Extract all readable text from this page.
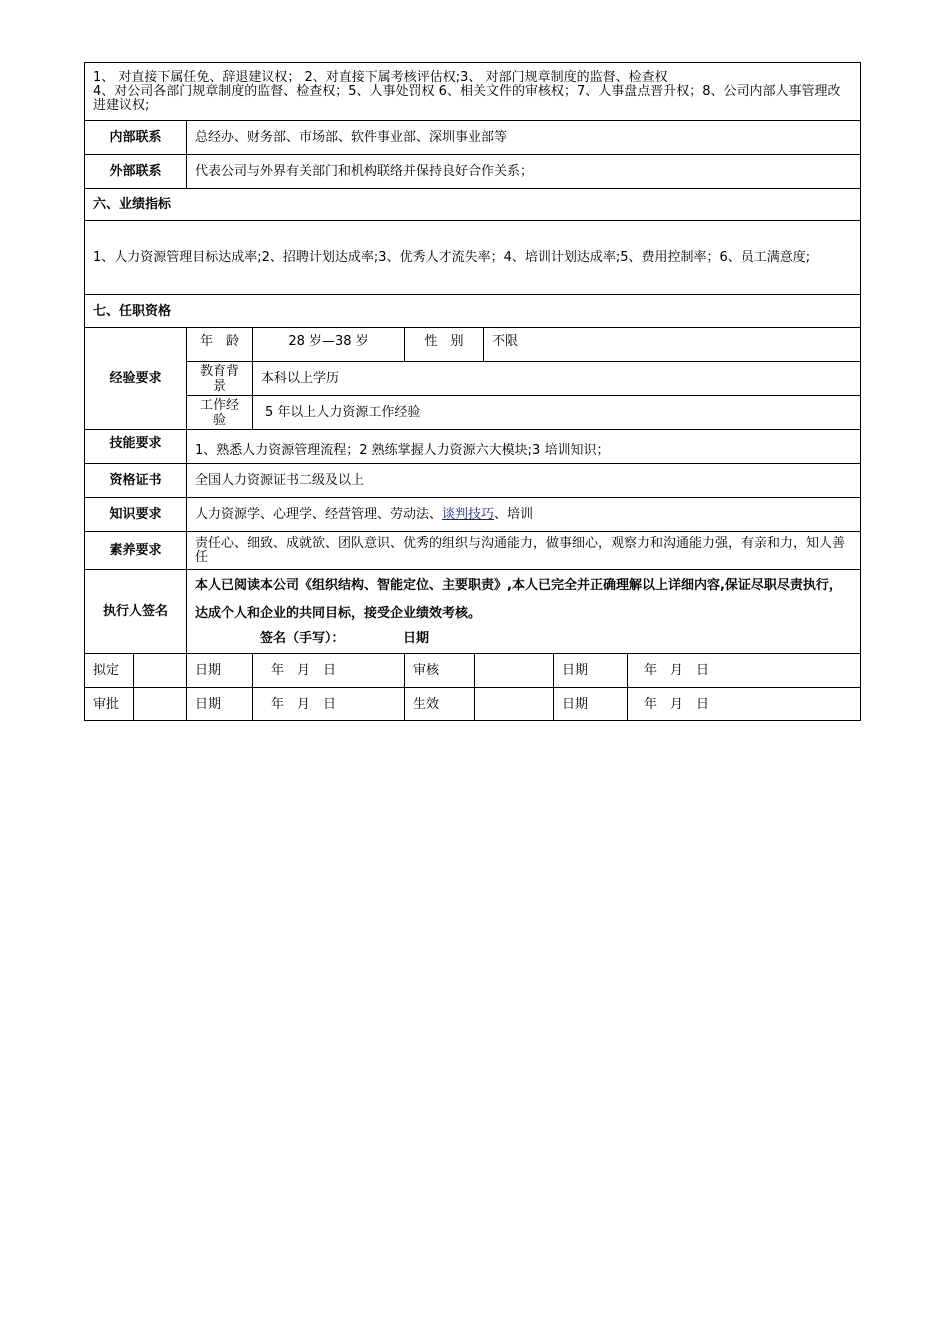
1、 对直接下属任免、辞退建议权； 2、对直接下属考核评估权;3、 对部门规章制度的监督、检查权
4、对公司各部门规章制度的监督、检查权；5、人事处罚权 6、相关文件的审核权；7、人事盘点晋升权；8、公司内部人事管理改进建议权;								

内部联系		总经办、财务部、市场部、软件事业部、深圳事业部等						
外部联系		代表公司与外界有关部门和机构联络并保持良好合作关系；						
六、业绩指标								
1、人力资源管理目标达成率;2、招聘计划达成率;3、优秀人才流失率；4、培训计划达成率;5、费用控制率；6、员工满意度;								
七、任职资格								
经验要求		年　龄	28 岁—38 岁	性　别		不限		
		教育背景	本科以上学历					
		工作经验	5 年以上人力资源工作经验					
技能要求		1、熟悉人力资源管理流程；2 熟练掌握人力资源六大模块;3 培训知识；						
资格证书		全国人力资源证书二级及以上						
知识要求		人力资源学、心理学、经营管理、劳动法、谈判技巧、培训						
素养要求		责任心、细致、成就欲、团队意识、优秀的组织与沟通能力，做事细心，观察力和沟通能力强，有亲和力，知人善任						
执行人签名		本人已阅读本公司《组织结构、智能定位、主要职责》,本人已完全并正确理解以上详细内容,保证尽职尽责执行，达成个人和企业的共同目标，接受企业绩效考核。
签名（手写）：　　　　　日期						

拟定		日期	年　月　日	审核			日期	年　月　日
审批		日期	年　月　日	生效			日期	年　月　日
